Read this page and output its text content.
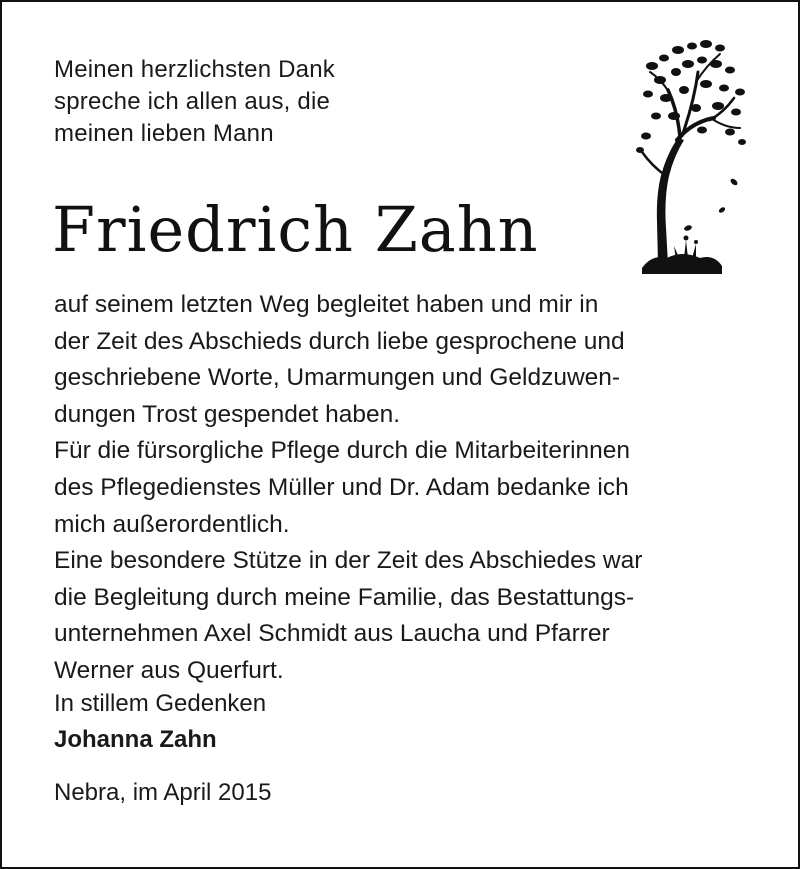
Meinen herzlichsten Dank
spreche ich allen aus, die
meinen lieben Mann
Friedrich Zahn
auf seinem letzten Weg begleitet haben und mir in
der Zeit des Abschieds durch liebe gesprochene und
geschriebene Worte, Umarmungen und Geldzuwen-
dungen Trost gespendet haben.
Für die fürsorgliche Pflege durch die Mitarbeiterinnen
des Pflegedienstes Müller und Dr. Adam bedanke ich
mich außerordentlich.
Eine besondere Stütze in der Zeit des Abschiedes war
die Begleitung durch meine Familie, das Bestattungs-
unternehmen Axel Schmidt aus Laucha und Pfarrer
Werner aus Querfurt.
In stillem Gedenken
Johanna Zahn
Nebra, im April 2015
